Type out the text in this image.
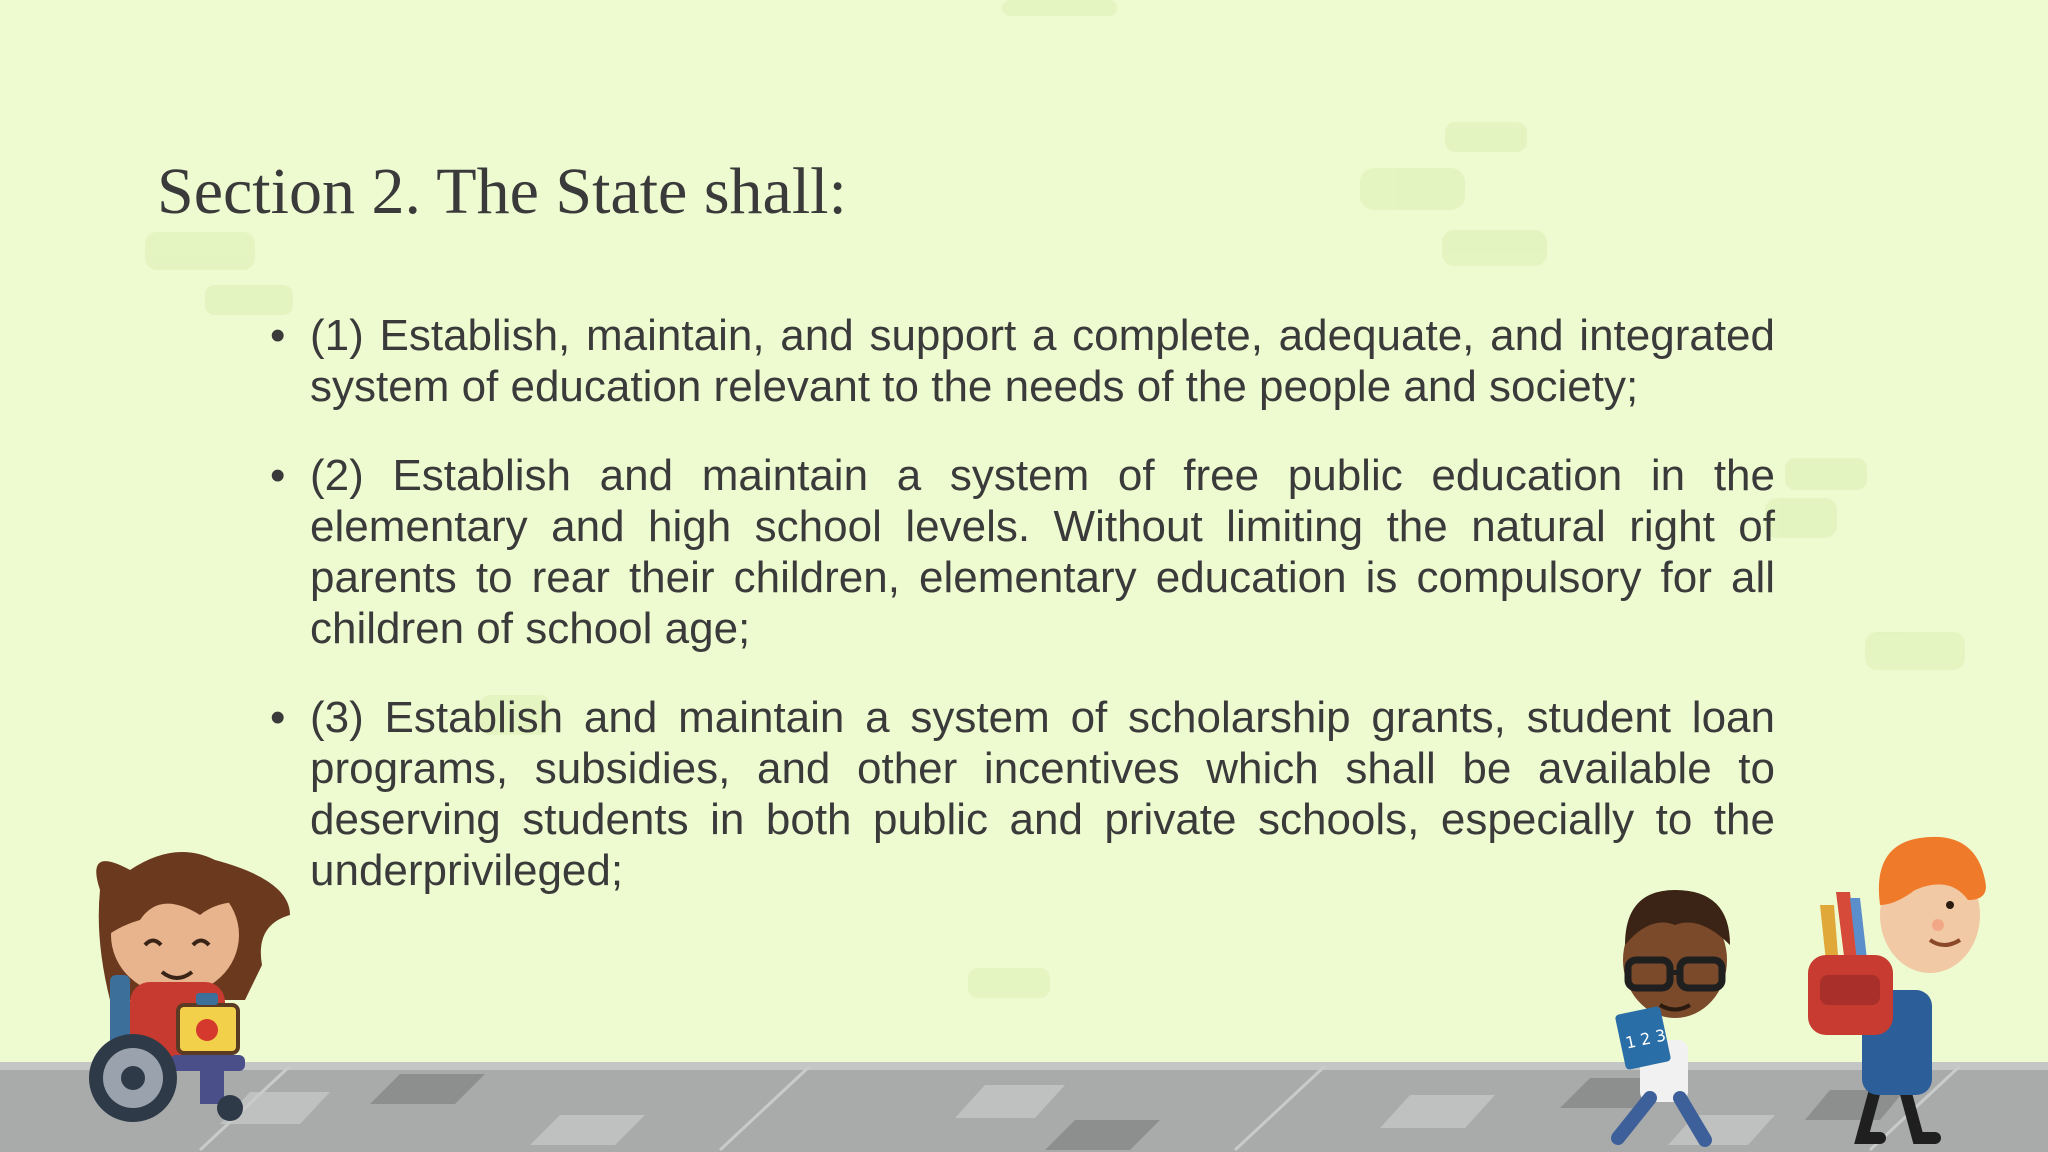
1 2 3
Section 2. The State shall:
• (1) Establish, maintain, and support a complete, adequate, and integrated system of education relevant to the needs of the people and society;
• (2) Establish and maintain a system of free public education in the elementary and high school levels. Without limiting the natural right of parents to rear their children, elementary education is compulsory for all children of school age;
• (3) Establish and maintain a system of scholarship grants, student loan programs, subsidies, and other incentives which shall be available to deserving students in both public and private schools, especially to the underprivileged;
